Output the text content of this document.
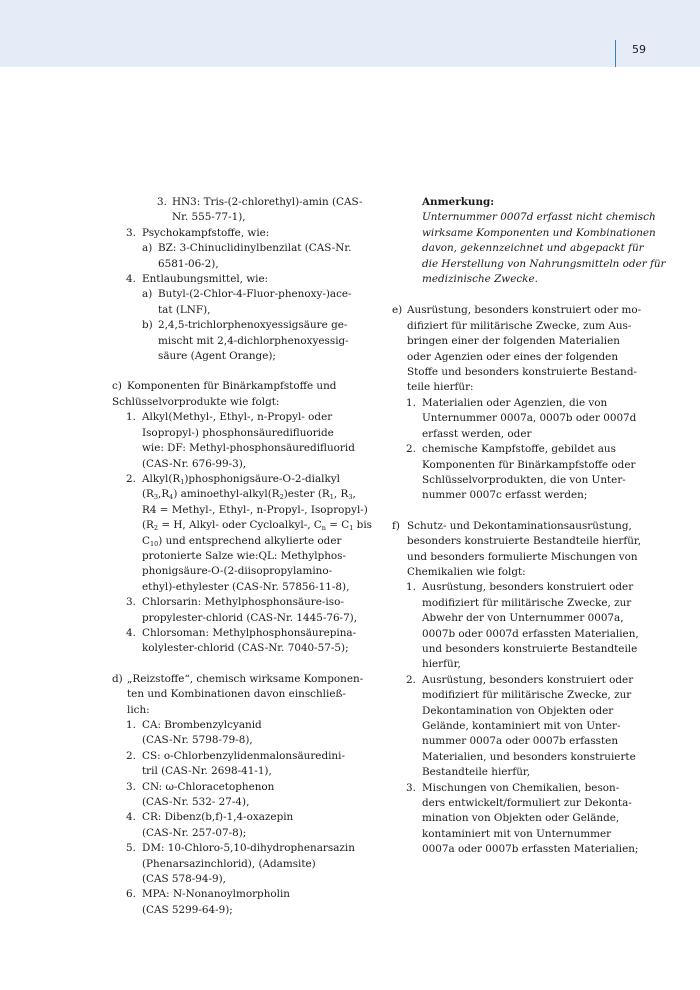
59
3. HN3: Tris-(2-chlorethyl)-amin (CAS-
Nr. 555-77-1),
3. Psychokampfstoffe, wie:
a) BZ: 3-Chinuclidinylbenzilat (CAS-Nr.
6581-06-2),
4. Entlaubungsmittel, wie:
a) Butyl-(2-Chlor-4-Fluor-phenoxy-)ace-
tat (LNF),
b) 2,4,5-trichlorphenoxyessigsäure ge-
mischt mit 2,4-dichlorphenoxyessig-
säure (Agent Orange);
c) Komponenten für Binärkampfstoffe und
Schlüsselvorprodukte wie folgt:
1. Alkyl(Methyl-, Ethyl-, n-Propyl- oder
Isopropyl-) phosphonsäuredifluoride
wie: DF: Methyl-phosphonsäuredifluorid
(CAS-Nr. 676-99-3),
2. $Alkyl(R_1)phosphonigsäure-O-2$-dialkyl
$(R_3,R_4)$ aminoethyl-$alkyl(R_2)ester$ ($R_1$, $R_3$,
R4 = Methyl-, Ethyl-, n-Propyl-, Isopropyl-)
($R_2 = H$, Alkyl- oder Cycloalkyl-, $C_n = C_1$ bis
$C_{10}$) und entsprechend alkylierte oder
protonierte Salze wie:QL: Methylphos-
phonigsäure-O-(2-diisopropylamino-
ethyl)-ethylester (CAS-Nr. 57856-11-8),
3. Chlorsarin: Methylphosphonsäure-iso-
propylester-chlorid (CAS-Nr. 1445-76-7),
4. Chlorsoman: Methylphosphonsäurepina-
kolylester-chlorid (CAS-Nr. 7040-57-5);
d) „Reizstoffe“, chemisch wirksame Komponen-
ten und Kombinationen davon einschließ-
lich:
1. CA: Brombenzylcyanid
(CAS-Nr. 5798-79-8),
2. CS: o-Chlorbenzylidenmalonsäuredini-
tril (CAS-Nr. 2698-41-1),
3. CN: ω-Chloracetophenon
(CAS-Nr. 532- 27-4),
4. CR: Dibenz(b,f)-1,4-oxazepin
(CAS-Nr. 257-07-8);
5. DM: 10-Chloro-5,10-dihydrophenarsazin
(Phenarsazinchlorid), (Adamsite)
(CAS 578-94-9),
6. MPA: N-Nonanoylmorpholin
(CAS 5299-64-9);
Anmerkung:
Unternummer 0007d erfasst nicht chemisch
wirksame Komponenten und Kombinationen
davon, gekennzeichnet und abgepackt für
die Herstellung von Nahrungsmitteln oder für
medizinische Zwecke.
e) Ausrüstung, besonders konstruiert oder mo-
difiziert für militärische Zwecke, zum Aus-
bringen einer der folgenden Materialien
oder Agenzien oder eines der folgenden
Stoffe und besonders konstruierte Bestand-
teile hierfür:
1. Materialien oder Agenzien, die von
Unternummer 0007a, 0007b oder 0007d
erfasst werden, oder
2. chemische Kampfstoffe, gebildet aus
Komponenten für Binärkampfstoffe oder
Schlüsselvorprodukten, die von Unter-
nummer 0007c erfasst werden;
f) Schutz- und Dekontaminationsausrüstung,
besonders konstruierte Bestandteile hierfür,
und besonders formulierte Mischungen von
Chemikalien wie folgt:
1. Ausrüstung, besonders konstruiert oder
modifiziert für militärische Zwecke, zur
Abwehr der von Unternummer 0007a,
0007b oder 0007d erfassten Materialien,
und besonders konstruierte Bestandteile
hierfür,
2. Ausrüstung, besonders konstruiert oder
modifiziert für militärische Zwecke, zur
Dekontamination von Objekten oder
Gelände, kontaminiert mit von Unter-
nummer 0007a oder 0007b erfassten
Materialien, und besonders konstruierte
Bestandteile hierfür,
3. Mischungen von Chemikalien, beson-
ders entwickelt/formuliert zur Dekonta-
mination von Objekten oder Gelände,
kontaminiert mit von Unternummer
0007a oder 0007b erfassten Materialien;
